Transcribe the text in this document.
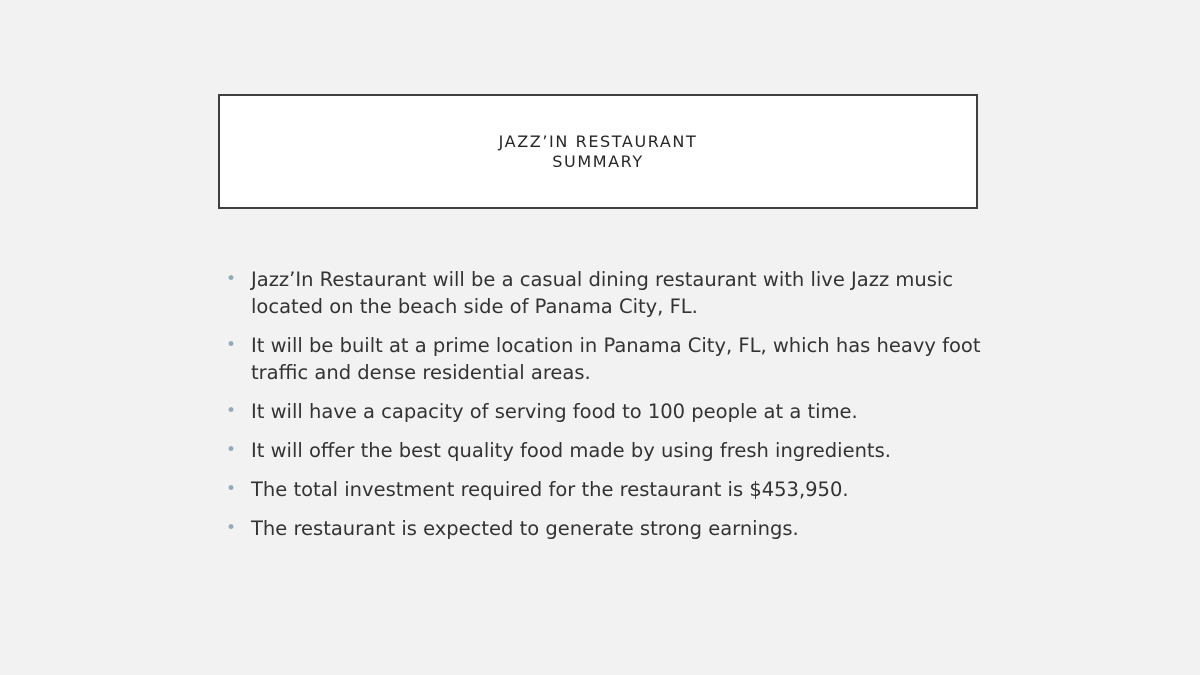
JAZZ’IN RESTAURANT
SUMMARY
• Jazz’In Restaurant will be a casual dining restaurant with live Jazz music located on the beach side of Panama City, FL.
• It will be built at a prime location in Panama City, FL, which has heavy foot traffic and dense residential areas.
• It will have a capacity of serving food to 100 people at a time.
• It will offer the best quality food made by using fresh ingredients.
• The total investment required for the restaurant is $453,950.
• The restaurant is expected to generate strong earnings.
